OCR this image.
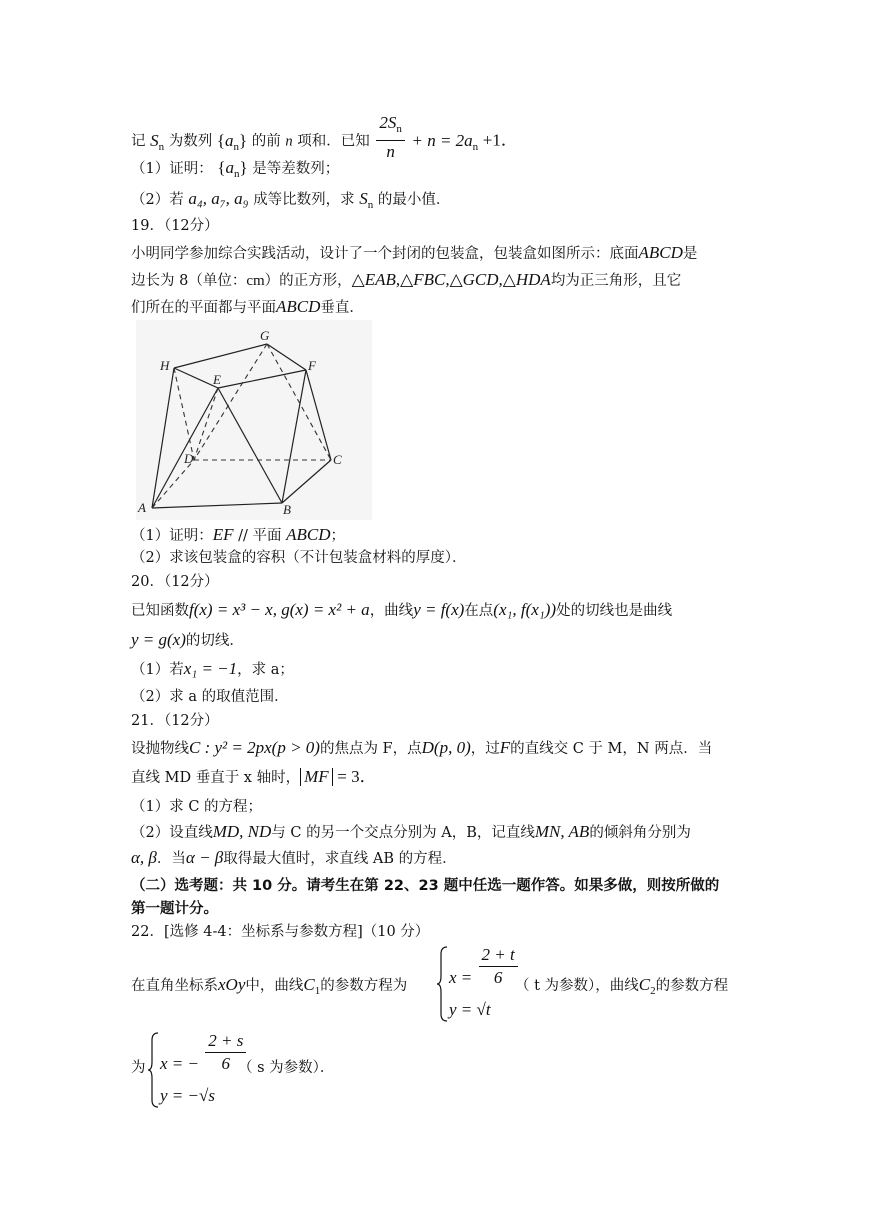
记 $S_n$ 为数列 $\{a_n\}$ 的前 n 项和．已知 $\frac{2S_n}{n} + n = 2a_n +1$．
（1）证明： $\{a_n\}$ 是等差数列；
（2）若 a₄, a₇, a₉ 成等比数列，求 $S_n$ 的最小值．
19．（12分）
小明同学参加综合实践活动，设计了一个封闭的包装盒，包装盒如图所示：底面ABCD是
边长为 8（单位：cm）的正方形，△EAB,△FBC,△GCD,△HDA均为正三角形，且它
们所在的平面都与平面ABCD垂直．
H
G
F
E
D	C
A	B
（1）证明：EF // 平面 ABCD；
（2）求该包装盒的容积（不计包装盒材料的厚度）．
20．（12分）
已知函数f(x) = x³ − x, g(x) = x² + a，曲线y = f(x)在点(x₁, f(x₁))处的切线也是曲线
y = g(x)的切线．
（1）若x₁ = −1，求 a；
（2）求 a 的取值范围．
21．（12分）
设抛物线C : y² = 2px(p > 0)的焦点为 F，点D(p, 0)，过F的直线交 C 于 M，N 两点．当
直线 MD 垂直于 x 轴时， MF = 3．
（1）求 C 的方程；
（2）设直线MD, ND与 C 的另一个交点分别为 A，B，记直线MN, AB的倾斜角分别为
α, β．当α − β取得最大值时，求直线 AB 的方程．
（二）选考题：共 10 分。请考生在第 22、23 题中任选一题作答。如果多做，则按所做的
第一题计分。
22．[选修 4-4：坐标系与参数方程]（10 分）
在直角坐标系xOy中，曲线$C_1$的参数方程为 $x = \frac{2 + t}{6}$
y = √t
（ t 为参数），曲线$C_2$的参数方程
为 x = − $\frac{2 + s}{6}$
y = −√s
（ s 为参数）．
